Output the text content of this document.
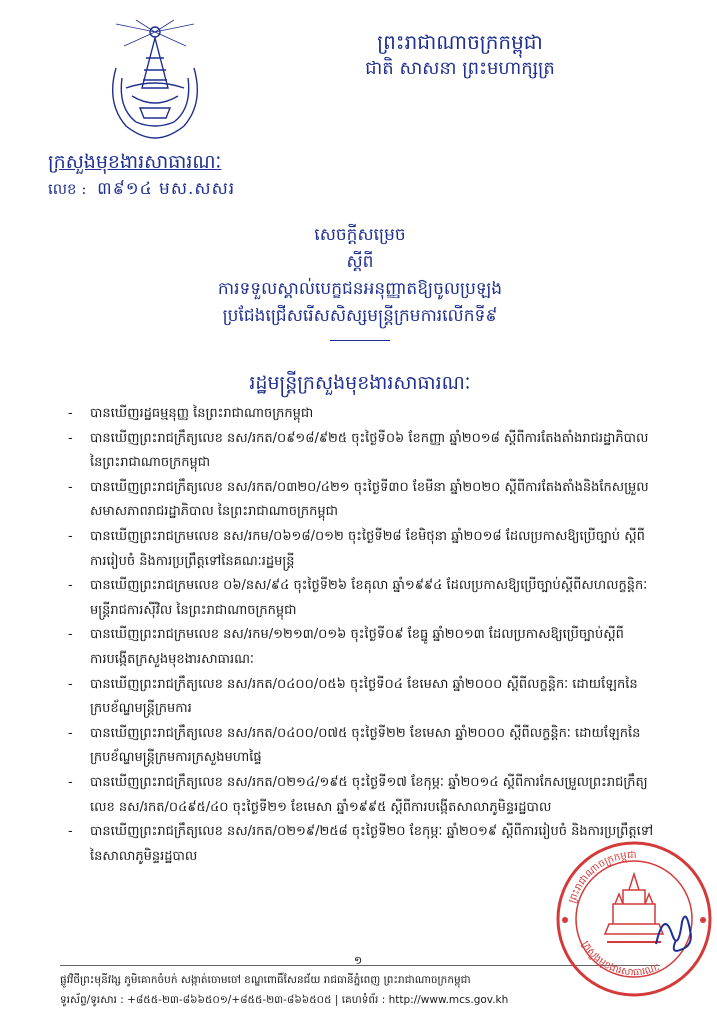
ព្រះរាជាណាចក្រកម្ពុជា
ជាតិ សាសនា ព្រះមហាក្សត្រ
ក្រសួងមុខងារសាធារណៈ
លេខ : ៣៩១៤ មស.សសរ
សេចក្តីសម្រេច
ស្តីពី
ការទទួលស្គាល់បេក្ខជនអនុញ្ញាតឱ្យចូលប្រឡង
ប្រជែងជ្រើសរើសសិស្សមន្ត្រីក្រមការលើកទី៩
រដ្ឋមន្ត្រីក្រសួងមុខងារសាធារណៈ
- បានឃើញរដ្ឋធម្មនុញ្ញ នៃព្រះរាជាណាចក្រកម្ពុជា
- បានឃើញព្រះរាជក្រឹត្យលេខ នស/រកត/០៩១៨/៩២៥ ចុះថ្ងៃទី០៦ ខែកញ្ញា ឆ្នាំ២០១៨ ស្តីពីការតែងតាំងរាជរដ្ឋាភិបាល
នៃព្រះរាជាណាចក្រកម្ពុជា
- បានឃើញព្រះរាជក្រឹត្យលេខ នស/រកត/០៣២០/៤២១ ចុះថ្ងៃទី៣០ ខែមីនា ឆ្នាំ២០២០ ស្តីពីការតែងតាំងនិងកែសម្រួល
សមាសភាពរាជរដ្ឋាភិបាល នៃព្រះរាជាណាចក្រកម្ពុជា
- បានឃើញព្រះរាជក្រមលេខ នស/រកម/០៦១៨/០១២ ចុះថ្ងៃទី២៨ ខែមិថុនា ឆ្នាំ២០១៨ ដែលប្រកាសឱ្យប្រើច្បាប់ ស្តីពី
ការរៀបចំ និងការប្រព្រឹត្តទៅនៃគណៈរដ្ឋមន្ត្រី
- បានឃើញព្រះរាជក្រមលេខ ០៦/នស/៩៤ ចុះថ្ងៃទី២៦ ខែតុលា ឆ្នាំ១៩៩៤ ដែលប្រកាសឱ្យប្រើច្បាប់ស្តីពីសហលក្ខន្តិកៈ
មន្ត្រីរាជការស៊ីវិល នៃព្រះរាជាណាចក្រកម្ពុជា
- បានឃើញព្រះរាជក្រមលេខ នស/រកម/១២១៣/០១៦ ចុះថ្ងៃទី០៩ ខែធ្នូ ឆ្នាំ២០១៣ ដែលប្រកាសឱ្យប្រើច្បាប់ស្តីពី
ការបង្កើតក្រសួងមុខងារសាធារណៈ
- បានឃើញព្រះរាជក្រឹត្យលេខ នស/រកត/០៤០០/០៥៦ ចុះថ្ងៃទី០៤ ខែមេសា ឆ្នាំ២០០០ ស្តីពីលក្ខន្តិកៈ ដោយឡែកនៃ
ក្របខ័ណ្ឌមន្ត្រីក្រមការ
- បានឃើញព្រះរាជក្រឹត្យលេខ នស/រកត/០៤០០/០៧៥ ចុះថ្ងៃទី២២ ខែមេសា ឆ្នាំ២០០០ ស្តីពីលក្ខន្តិកៈ ដោយឡែកនៃ
ក្របខ័ណ្ឌមន្ត្រីក្រមការក្រសួងមហាផ្ទៃ
- បានឃើញព្រះរាជក្រឹត្យលេខ នស/រកត/០២១៤/១៩៥ ចុះថ្ងៃទី១៧ ខែកុម្ភៈ ឆ្នាំ២០១៤ ស្តីពីការកែសម្រួលព្រះរាជក្រឹត្យ
លេខ នស/រកត/០៤៩៥/៤០ ចុះថ្ងៃទី២១ ខែមេសា ឆ្នាំ១៩៩៥ ស្តីពីការបង្កើតសាលាភូមិន្ទរដ្ឋបាល
- បានឃើញព្រះរាជក្រឹត្យលេខ នស/រកត/០២១៩/២៥៨ ចុះថ្ងៃទី២០ ខែកុម្ភៈ ឆ្នាំ២០១៩ ស្តីពីការរៀបចំ និងការប្រព្រឹត្តទៅ
នៃសាលាភូមិន្ទរដ្ឋបាល
១
ផ្លូវវិថីព្រះមុនីវង្ស ភូមិគោកចំបក់ សង្កាត់ចោមចៅ ខណ្ឌពោធិ៍សែនជ័យ រាជធានីភ្នំពេញ ព្រះរាជាណាចក្រកម្ពុជា
ទូរស័ព្ទ/ទូរសារ : +៨៥៥-២៣-៨៦៦៥០១/+៨៥៥-២៣-៨៦៦៥០៥ | គេហទំព័រ : http://www.mcs.gov.kh
ព្រះរាជាណាចក្រកម្ពុជា
ក្រសួងមុខងារសាធារណៈ
